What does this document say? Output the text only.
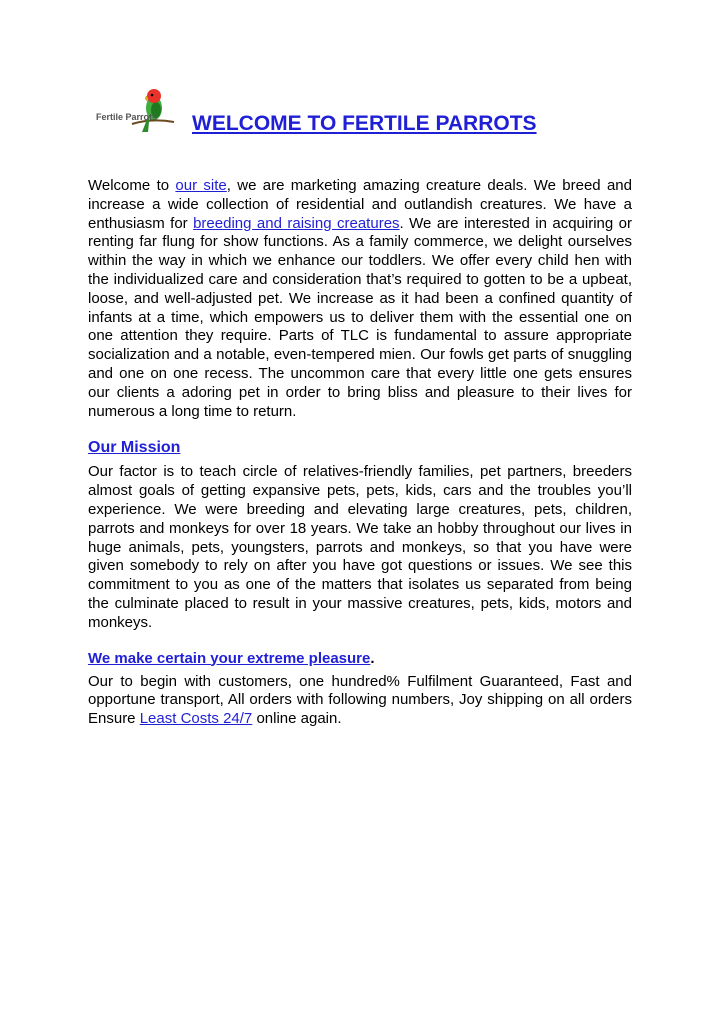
Fertile Parrots WELCOME TO FERTILE PARROTS

Welcome to our site, we are marketing amazing creature deals. We breed and increase a wide collection of residential and outlandish creatures. We have a enthusiasm for breeding and raising creatures. We are interested in acquiring or renting far flung for show functions. As a family commerce, we delight ourselves within the way in which we enhance our toddlers. We offer every child hen with the individualized care and consideration that’s required to gotten to be a upbeat, loose, and well-adjusted pet. We increase as it had been a confined quantity of infants at a time, which empowers us to deliver them with the essential one on one attention they require. Parts of TLC is fundamental to assure appropriate socialization and a notable, even-tempered mien. Our fowls get parts of snuggling and one on one recess. The uncommon care that every little one gets ensures our clients a adoring pet in order to bring bliss and pleasure to their lives for numerous a long time to return.

Our Mission

Our factor is to teach circle of relatives-friendly families, pet partners, breeders almost goals of getting expansive pets, pets, kids, cars and the troubles you’ll experience. We were breeding and elevating large creatures, pets, children, parrots and monkeys for over 18 years. We take an hobby throughout our lives in huge animals, pets, youngsters, parrots and monkeys, so that you have were given somebody to rely on after you have got questions or issues. We see this commitment to you as one of the matters that isolates us separated from being the culminate placed to result in your massive creatures, pets, kids, motors and monkeys.

We make certain your extreme pleasure.

Our to begin with customers, one hundred% Fulfilment Guaranteed, Fast and opportune transport, All orders with following numbers, Joy shipping on all orders Ensure Least Costs 24/7 online again.
